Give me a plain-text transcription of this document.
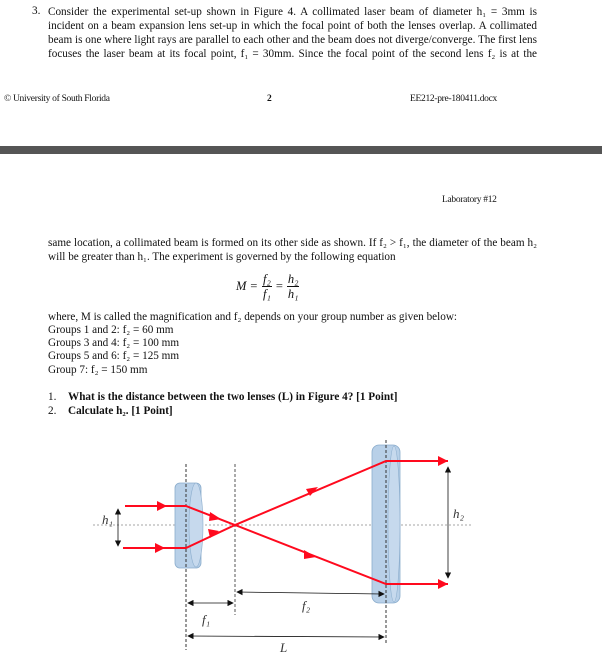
3. Consider the experimental set-up shown in Figure 4. A collimated laser beam of diameter h₁ = 3mm is incident on a beam expansion lens set-up in which the focal point of both the lenses overlap. A collimated beam is one where light rays are parallel to each other and the beam does not diverge/converge. The first lens focuses the laser beam at its focal point, f₁ = 30mm. Since the focal point of the second lens f₂ is at the
© University of South Florida	2	EE212-pre-180411.docx
Laboratory #12
same location, a collimated beam is formed on its other side as shown. If f₂ > f₁, the diameter of the beam h₂ will be greater than h₁. The experiment is governed by the following equation
$M = \frac{\text{f₂}}{\text{f₁}} = \frac{\text{h₂}}{\text{h₁}}$
where, M is called the magnification and f₂ depends on your group number as given below:
Groups 1 and 2: f₂ = 60 mm
Groups 3 and 4: f₂ = 100 mm
Groups 5 and 6: f₂ = 125 mm
Group 7: f₂ = 150 mm
1. What is the distance between the two lenses (L) in Figure 4? [1 Point]
2. Calculate h₂. [1 Point]
h₁	h₂
f₁
f₂
L
